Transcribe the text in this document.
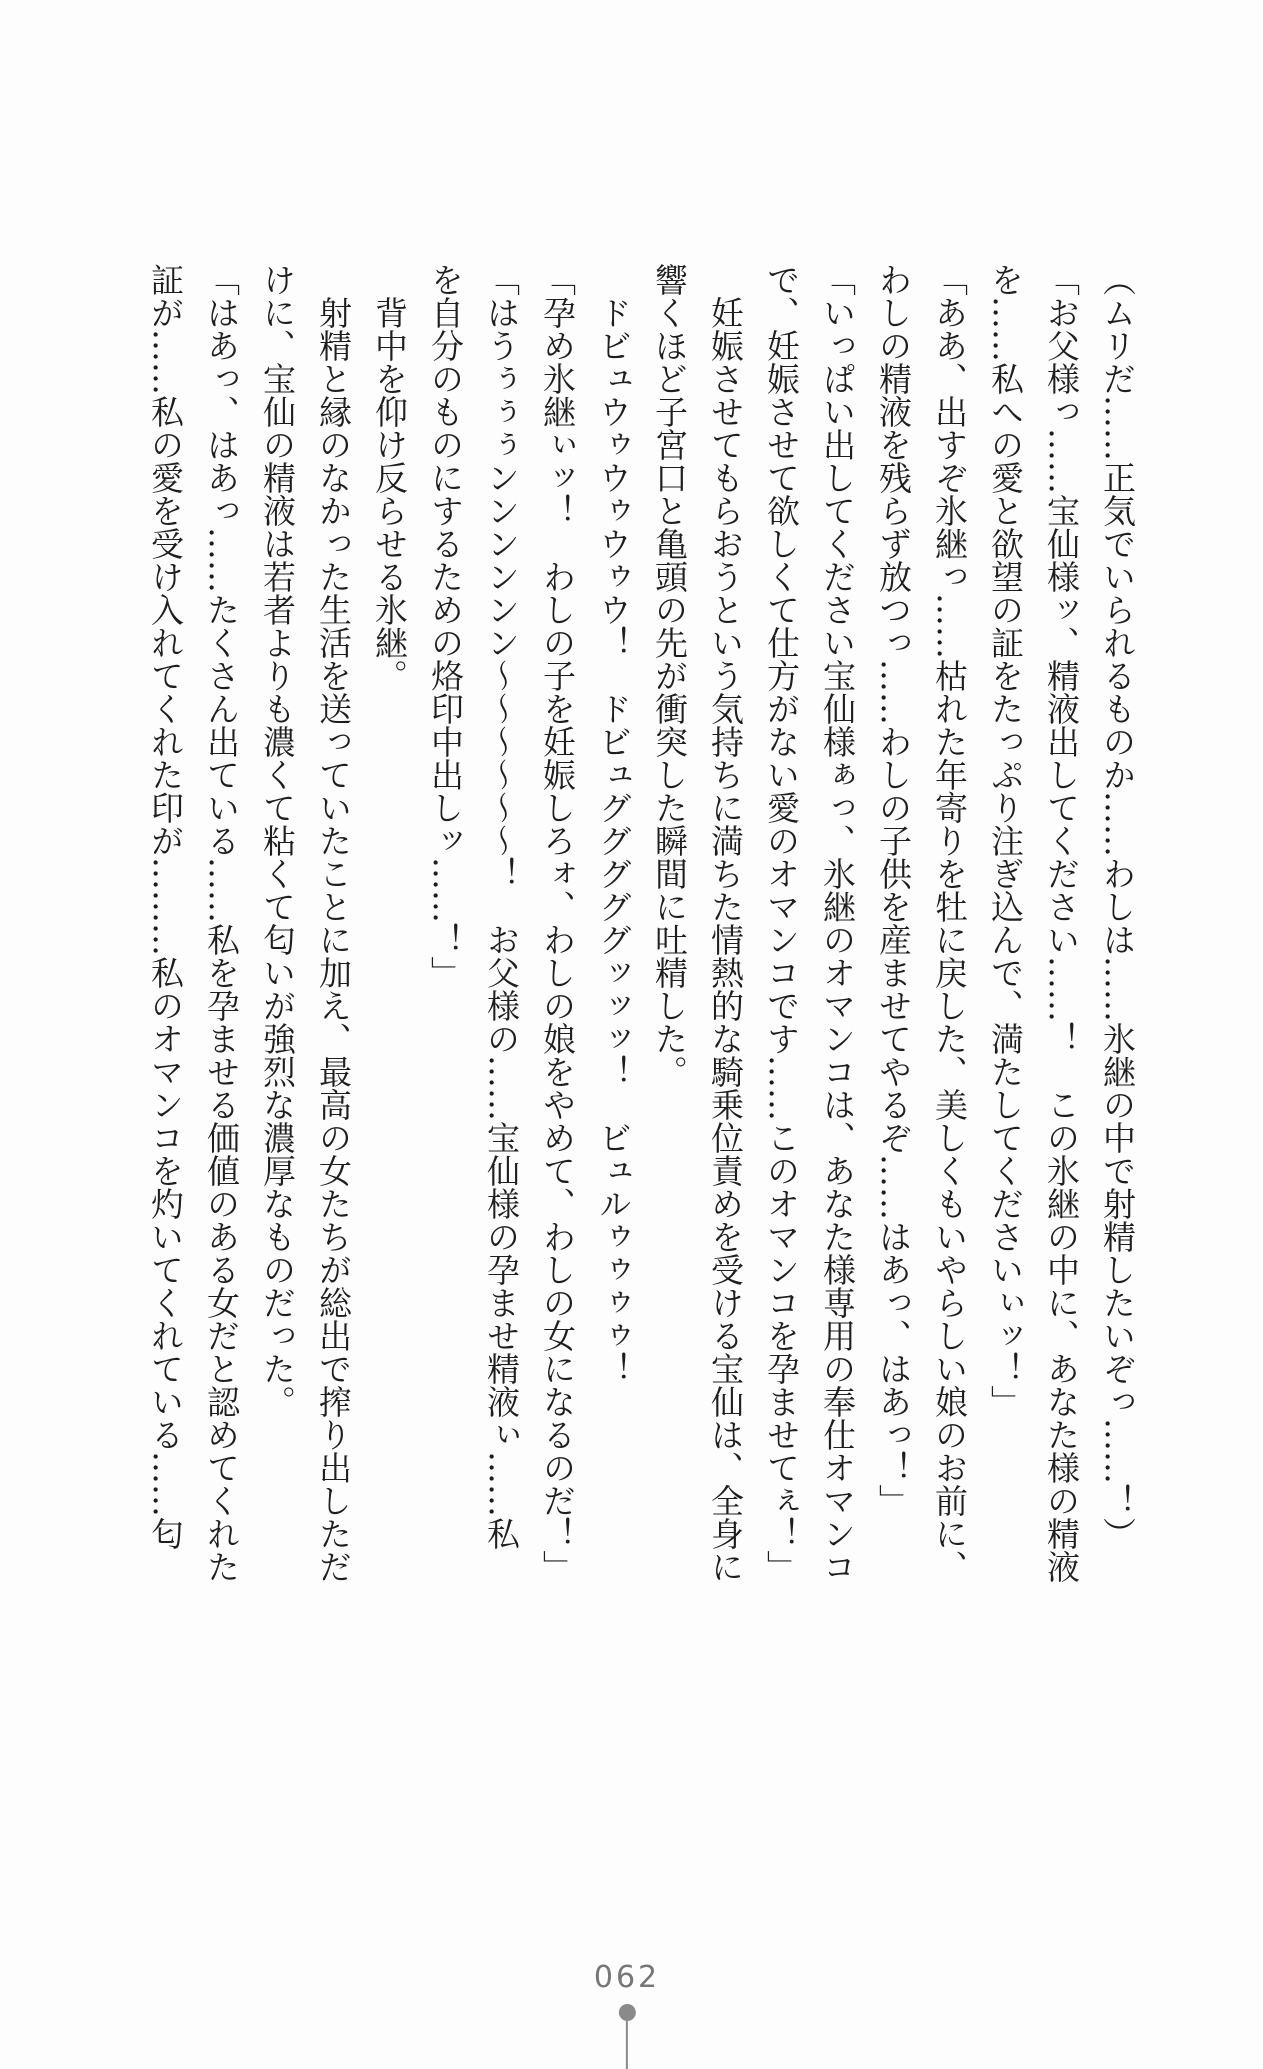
（ムリだ……正気でいられるものか……わしは……氷継の中で射精したいぞっ……！）
「お父様っ……宝仙様ッ、精液出してください……！　この氷継の中に、あなた様の精液
を……私への愛と欲望の証をたっぷり注ぎ込んで、満たしてくださいぃッ！」
「ああ、出すぞ氷継っ……枯れた年寄りを牡に戻した、美しくもいやらしい娘のお前に、
わしの精液を残らず放つっ……わしの子供を産ませてやるぞ……はあっ、はあっ！」
「いっぱい出してください宝仙様ぁっ、氷継のオマンコは、あなた様専用の奉仕オマンコ
で、妊娠させて欲しくて仕方がない愛のオマンコです……このオマンコを孕ませてぇ！」
妊娠させてもらおうという気持ちに満ちた情熱的な騎乗位責めを受ける宝仙は、全身に
響くほど子宮口と亀頭の先が衝突した瞬間に吐精した。
ドビュウゥウゥウゥウ！　ドビュグググググッッッ！　ビュルゥゥゥゥ！
「孕め氷継ぃッ！　わしの子を妊娠しろォ、わしの娘をやめて、わしの女になるのだ！」
「はうぅぅぅンンンンンン〜〜〜〜〜〜！　お父様の……宝仙様の孕ませ精液ぃ……私
を自分のものにするための烙印中出しッ……！」
背中を仰け反らせる氷継。
射精と縁のなかった生活を送っていたことに加え、最高の女たちが総出で搾り出しただ
けに、宝仙の精液は若者よりも濃くて粘くて匂いが強烈な濃厚なものだった。
「はあっ、はあっ……たくさん出ている……私を孕ませる価値のある女だと認めてくれた
証が……私の愛を受け入れてくれた印が………私のオマンコを灼いてくれている……匂
062
